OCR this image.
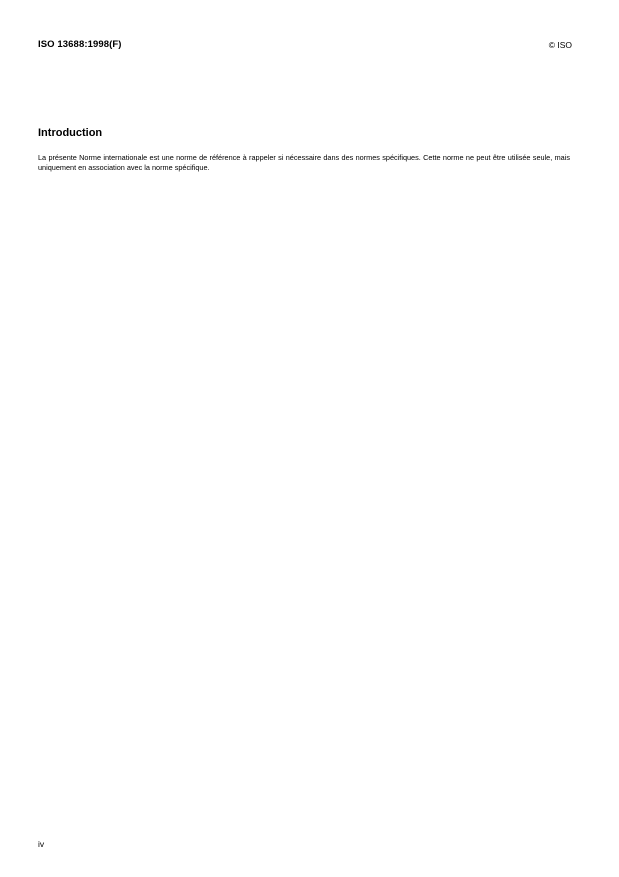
ISO 13688:1998(F)	© ISO
Introduction

La présente Norme internationale est une norme de référence à rappeler si nécessaire dans des normes spécifiques. Cette norme ne peut être utilisée seule, mais uniquement en association avec la norme spécifique.

iv
